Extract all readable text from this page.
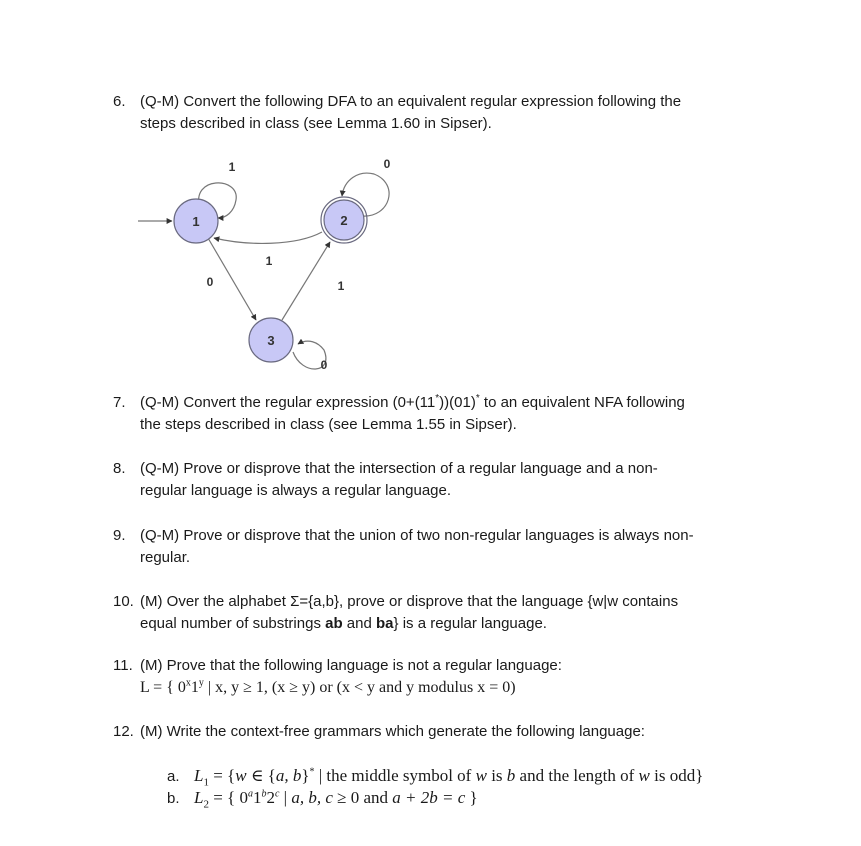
6. (Q-M) Convert the following DFA to an equivalent regular expression following the
steps described in class (see Lemma 1.60 in Sipser).
1	2
3
1	0
0
1
0	1
7. (Q-M) Convert the regular expression (0+(11*))(01)* to an equivalent NFA following
the steps described in class (see Lemma 1.55 in Sipser).
8. (Q-M) Prove or disprove that the intersection of a regular language and a non-
regular language is always a regular language.
9. (Q-M) Prove or disprove that the union of two non-regular languages is always non-
regular.
10. (M) Over the alphabet Σ={a,b}, prove or disprove that the language {w|w contains
equal number of substrings ab and ba} is a regular language.
11. (M) Prove that the following language is not a regular language:
L = { 0$^x$1$^y$ | x, y ≥ 1, (x ≥ y) or (x < y and y modulus x = 0)
12. (M) Write the context-free grammars which generate the following language:
a. $L_1 = \{w$ ∈ {a, b}* | the middle symbol of w is b and the length of w is odd}
b. $L_2$ = { 0$^a$1$^b$2$^c$ | a, b, c ≥ 0 and a + 2b = c }
